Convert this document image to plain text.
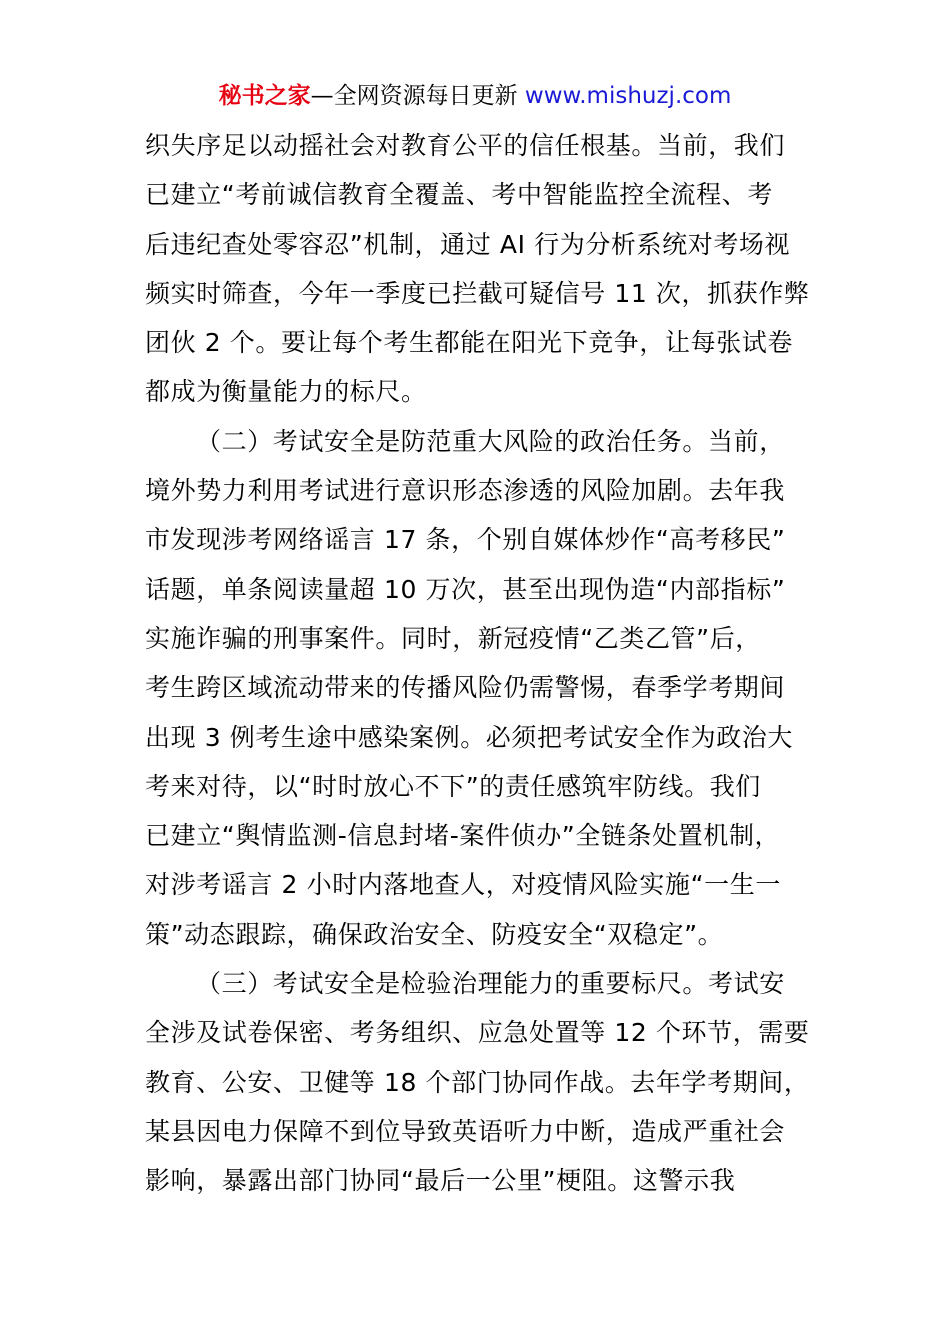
秘书之家—全网资源每日更新 www.mishuzj.com
织失序足以动摇社会对教育公平的信任根基。当前，我们
已建立“考前诚信教育全覆盖、考中智能监控全流程、考
后违纪查处零容忍”机制，通过 AI 行为分析系统对考场视
频实时筛查，今年一季度已拦截可疑信号 11 次，抓获作弊
团伙 2 个。要让每个考生都能在阳光下竞争，让每张试卷
都成为衡量能力的标尺。
（二）考试安全是防范重大风险的政治任务。当前，
境外势力利用考试进行意识形态渗透的风险加剧。去年我
市发现涉考网络谣言 17 条，个别自媒体炒作“高考移民”
话题，单条阅读量超 10 万次，甚至出现伪造“内部指标”
实施诈骗的刑事案件。同时，新冠疫情“乙类乙管”后，
考生跨区域流动带来的传播风险仍需警惕，春季学考期间
出现 3 例考生途中感染案例。必须把考试安全作为政治大
考来对待，以“时时放心不下”的责任感筑牢防线。我们
已建立“舆情监测-信息封堵-案件侦办”全链条处置机制，
对涉考谣言 2 小时内落地查人，对疫情风险实施“一生一
策”动态跟踪，确保政治安全、防疫安全“双稳定”。
（三）考试安全是检验治理能力的重要标尺。考试安
全涉及试卷保密、考务组织、应急处置等 12 个环节，需要
教育、公安、卫健等 18 个部门协同作战。去年学考期间，
某县因电力保障不到位导致英语听力中断，造成严重社会
影响，暴露出部门协同“最后一公里”梗阻。这警示我
